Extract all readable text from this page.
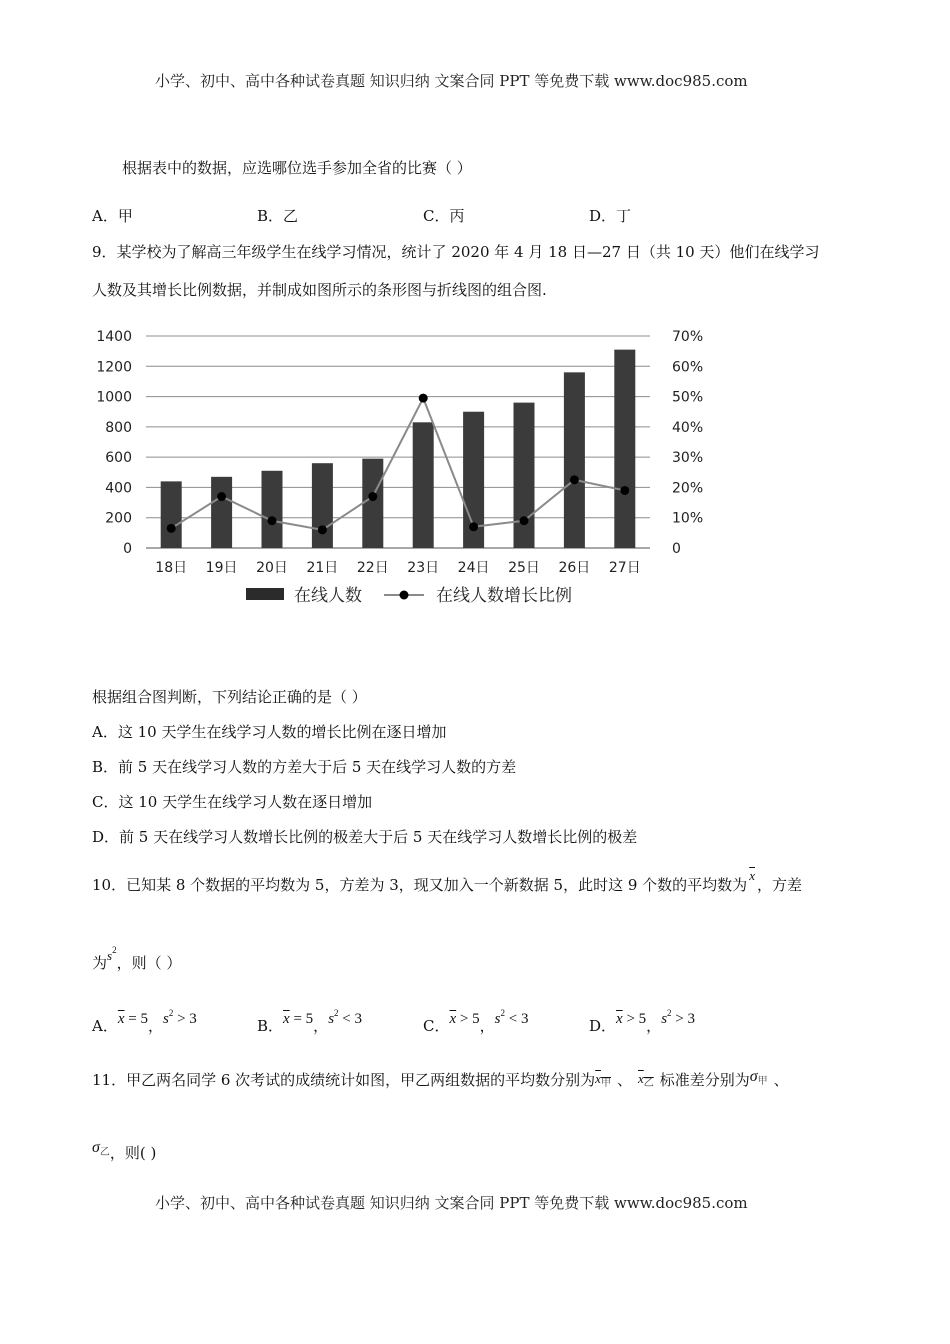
小学、初中、高中各种试卷真题 知识归纳 文案合同 PPT 等免费下载 www.doc985.com
根据表中的数据，应选哪位选手参加全省的比赛（ ）
A．甲	B．乙	C．丙	D．丁
9．某学校为了解高三年级学生在线学习情况，统计了 2020 年 4 月 18 日—27 日（共 10 天）他们在线学习
人数及其增长比例数据，并制成如图所示的条形图与折线图的组合图.
0
200
400
600
800
1000
1200
1400
0
10%
20%
30%
40%
50%
60%
70%
18日 19日 20日 21日 22日 23日 24日 25日 26日 27日
在线人数	在线人数增长比例
根据组合图判断，下列结论正确的是（ ）
A．这 10 天学生在线学习人数的增长比例在逐日增加
B．前 5 天在线学习人数的方差大于后 5 天在线学习人数的方差
C．这 10 天学生在线学习人数在逐日增加
D．前 5 天在线学习人数增长比例的极差大于后 5 天在线学习人数增长比例的极差
10．已知某 8 个数据的平均数为 5，方差为 3，现又加入一个新数据 5，此时这 9 个数的平均数为$\overline{x}$，方差
为$s^2$，则（ ）
A．$\overline{x} = 5$，$s^2 > 3$	B．$\overline{x} = 5$，$s^2 < 3$	C．$\overline{x} > 5$，$s^2 < 3$	D．$\overline{x} > 5$，$s^2 > 3$
11．甲乙两名同学 6 次考试的成绩统计如图，甲乙两组数据的平均数分别为$x_甲$ 、 $x_乙$ 标准差分别为$\sigma_甲$ 、
$\sigma_乙$，则( )
小学、初中、高中各种试卷真题 知识归纳 文案合同 PPT 等免费下载 www.doc985.com
